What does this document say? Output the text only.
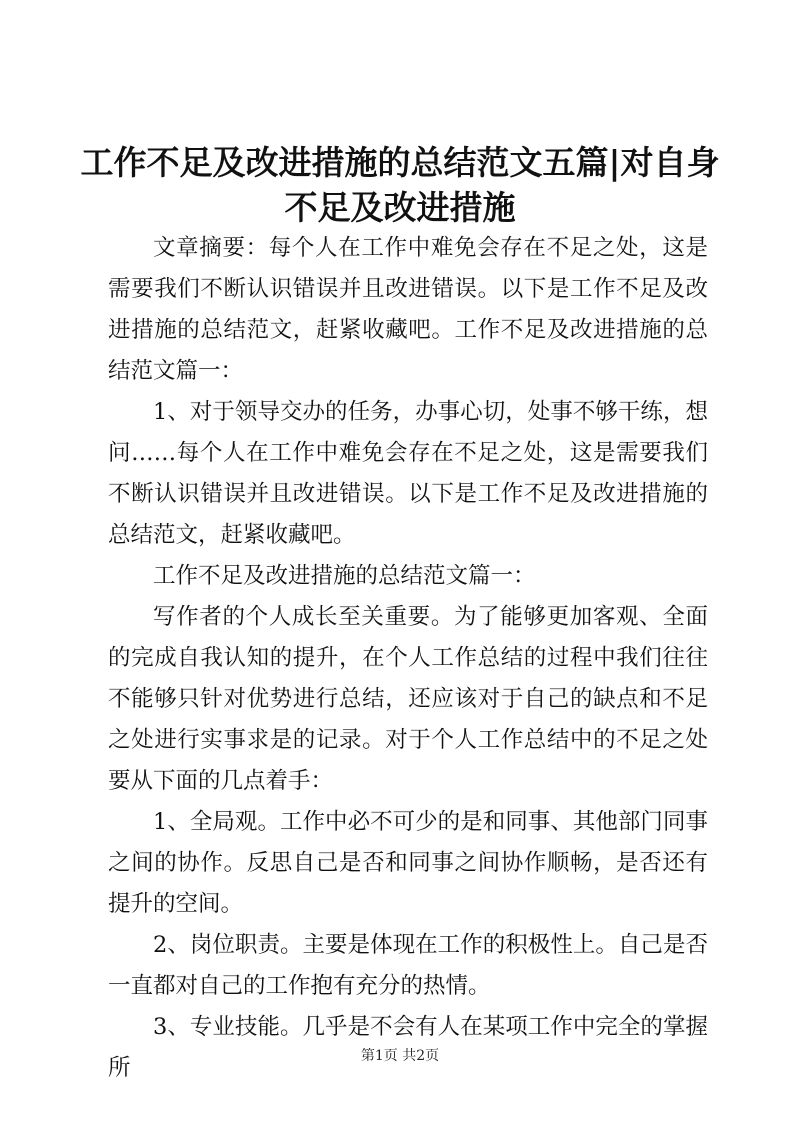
工作不足及改进措施的总结范文五篇|对自身
不足及改进措施

文章摘要：每个人在工作中难免会存在不足之处，这是需要我们不断认识错误并且改进错误。以下是工作不足及改进措施的总结范文，赶紧收藏吧。工作不足及改进措施的总结范文篇一：

1、对于领导交办的任务，办事心切，处事不够干练，想问……每个人在工作中难免会存在不足之处，这是需要我们不断认识错误并且改进错误。以下是工作不足及改进措施的总结范文，赶紧收藏吧。

工作不足及改进措施的总结范文篇一：

写作者的个人成长至关重要。为了能够更加客观、全面的完成自我认知的提升，在个人工作总结的过程中我们往往不能够只针对优势进行总结，还应该对于自己的缺点和不足之处进行实事求是的记录。对于个人工作总结中的不足之处要从下面的几点着手：

1、全局观。工作中必不可少的是和同事、其他部门同事之间的协作。反思自己是否和同事之间协作顺畅，是否还有提升的空间。

2、岗位职责。主要是体现在工作的积极性上。自己是否一直都对自己的工作抱有充分的热情。

3、专业技能。几乎是不会有人在某项工作中完全的掌握所	第1页 共2页
